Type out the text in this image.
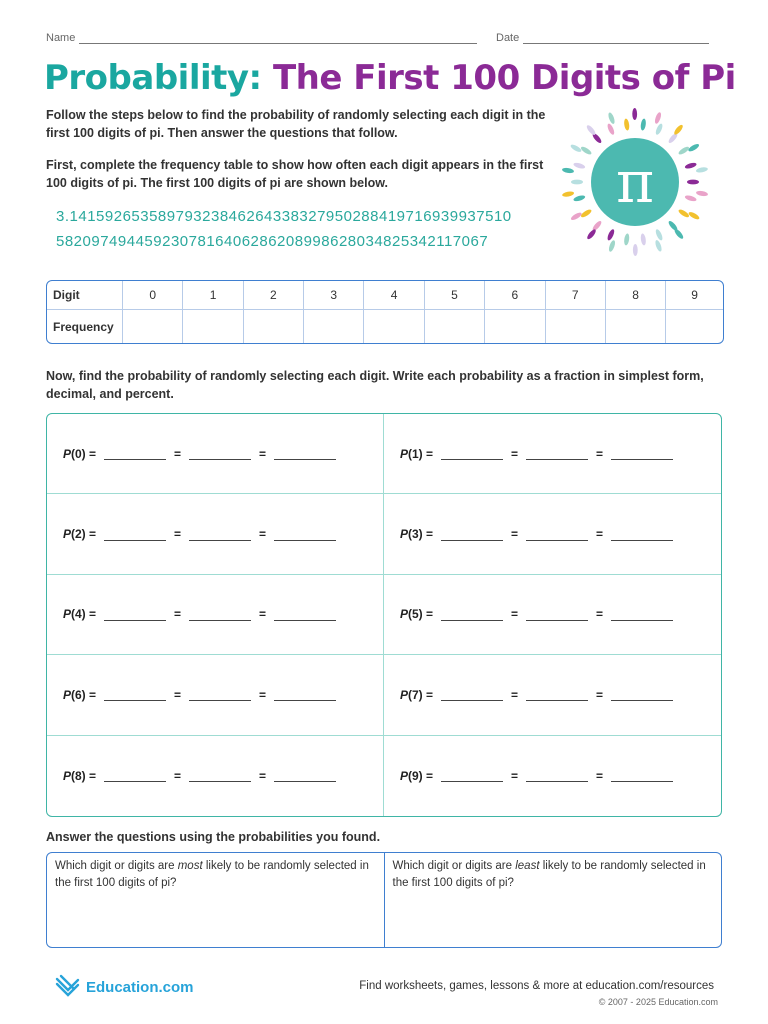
Name	Date
Probability: The First 100 Digits of Pi
Follow the steps below to find the probability of randomly selecting each digit in the first 100 digits of pi. Then answer the questions that follow.
First, complete the frequency table to show how often each digit appears in the first 100 digits of pi. The first 100 digits of pi are shown below.
3.14159265358979323846264338327950288419716939937510
5820974944592307816406286208998628034825342117067
π
Digit	0	1	2	3	4	5	6	7	8	9
Frequency										
Now, find the probability of randomly selecting each digit. Write each probability as a fraction in simplest form, decimal, and percent.
P(0) =	=	=	P(1) =	=	=
P(2) =	=	=	P(3) =	=	=
P(4) =	=	=	P(5) =	=	=
P(6) =	=	=	P(7) =	=	=
P(8) =	=	=	P(9) =	=	=
Answer the questions using the probabilities you found.
Which digit or digits are most likely to be randomly selected in the first 100 digits of pi?
Which digit or digits are least likely to be randomly selected in the first 100 digits of pi?
Education.com	Find worksheets, games, lessons & more at education.com/resources
© 2007 - 2025 Education.com
